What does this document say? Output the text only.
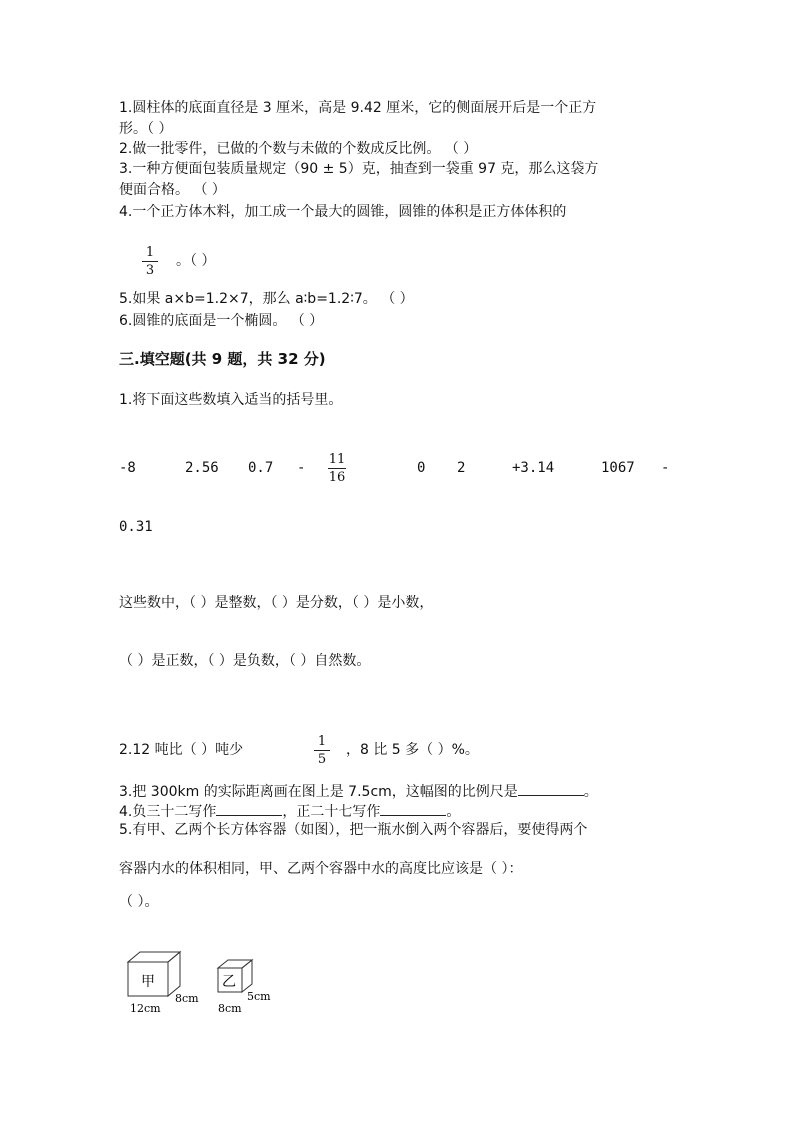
1.圆柱体的底面直径是 3 厘米，高是 9.42 厘米，它的侧面展开后是一个正方
形。（ ）
2.做一批零件，已做的个数与未做的个数成反比例。 （ ）
3.一种方便面包装质量规定（90 ± 5）克，抽查到一袋重 97 克，那么这袋方
便面合格。 （ ）
4.一个正方体木料，加工成一个最大的圆锥，圆锥的体积是正方体体积的
1
3
。（ ）
5.如果 a×b=1.2×7，那么 a∶b=1.2∶7。 （ ）
6.圆锥的底面是一个椭圆。 （ ）
三.填空题(共 9 题，共 32 分)
1.将下面这些数填入适当的括号里。
-8	2.56 0.7 -
11
16
0 2	+3.14	1067 -
0.31
这些数中，（ ）是整数，（ ）是分数，（ ）是小数，
（ ）是正数，（ ）是负数，（ ）自然数。
2.12 吨比（ ）吨少
1
5
，8 比 5 多（ ）%。
3.把 300km 的实际距离画在图上是 7.5cm，这幅图的比例尺是	。
4.负三十二写作	，正二十七写作	。
5.有甲、乙两个长方体容器（如图），把一瓶水倒入两个容器后，要使得两个
容器内水的体积相同，甲、乙两个容器中水的高度比应该是（ ）：
（ ）。
甲
8cm
12cm
乙
5cm
8cm
